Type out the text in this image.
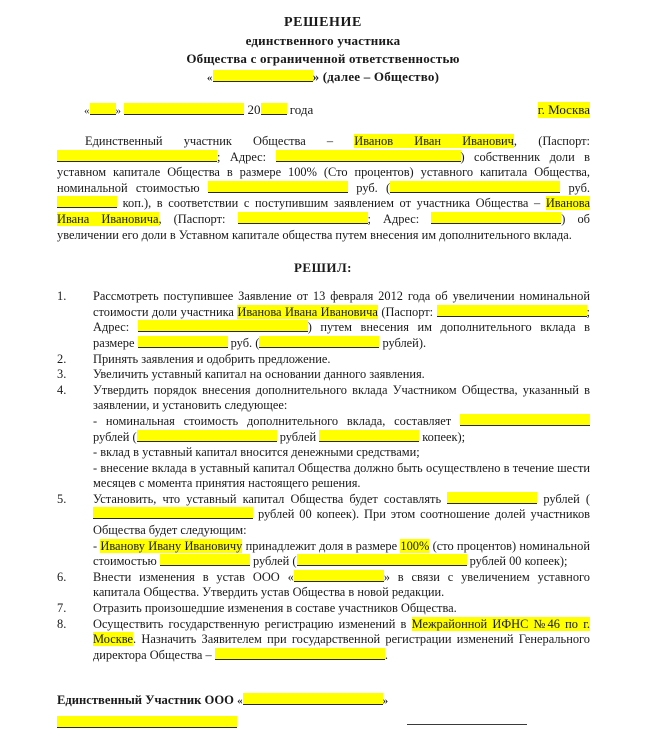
РЕШЕНИЕ
единственного участника
Общества с ограниченной ответственностью
«	» (далее – Общество)
« »	20 года	г. Москва

Единственный участник Общества – Иванов Иван Иванович, (Паспорт: ; Адрес:	) собственник доли в уставном капитале Общества в размере 100% (Сто процентов) уставного капитала Общества, номинальной стоимостью	руб. (	руб.  коп.), в соответствии с поступившим заявлением от участника Общества – Иванова Ивана Ивановича, (Паспорт:	; Адрес:	) об увеличении его доли в Уставном капитале общества путем внесения им дополнительного вклада.

РЕШИЛ:
1.	Рассмотреть поступившее Заявление от 13 февраля 2012 года об увеличении номинальной стоимости доли участника Иванова Ивана Ивановича (Паспорт:	; Адрес:	) путем внесения им дополнительного вклада в размере	руб. (	рублей).
2.	Принять заявления и одобрить предложение.
3.	Увеличить уставный капитал на основании данного заявления.
4.	Утвердить порядок внесения дополнительного вклада Участником Общества, указанный в заявлении, и установить следующее:
- номинальная стоимость дополнительного вклада, составляет  рублей (	рублей	копеек);
- вклад в уставный капитал вносится денежными средствами;
- внесение вклада в уставный капитал Общества должно быть осуществлено в течение шести месяцев с момента принятия настоящего решения.
5.	Установить, что уставный капитал Общества будет составлять	рублей ( рублей 00 копеек). При этом соотношение долей участников Общества будет следующим:
- Иванову Ивану Ивановичу принадлежит доля в размере 100% (сто процентов) номинальной стоимостью	рублей (	рублей 00 копеек);
6.	Внести изменения в устав ООО «	» в связи с увеличением уставного капитала Общества. Утвердить устав Общества в новой редакции.
7.	Отразить произошедшие изменения в составе участников Общества.
8.	Осуществить государственную регистрацию изменений в Межрайонной ИФНС №46 по г. Москве. Назначить Заявителем при государственной регистрации изменений Генерального директора Общества –	.
Единственный Участник ООО «	»
